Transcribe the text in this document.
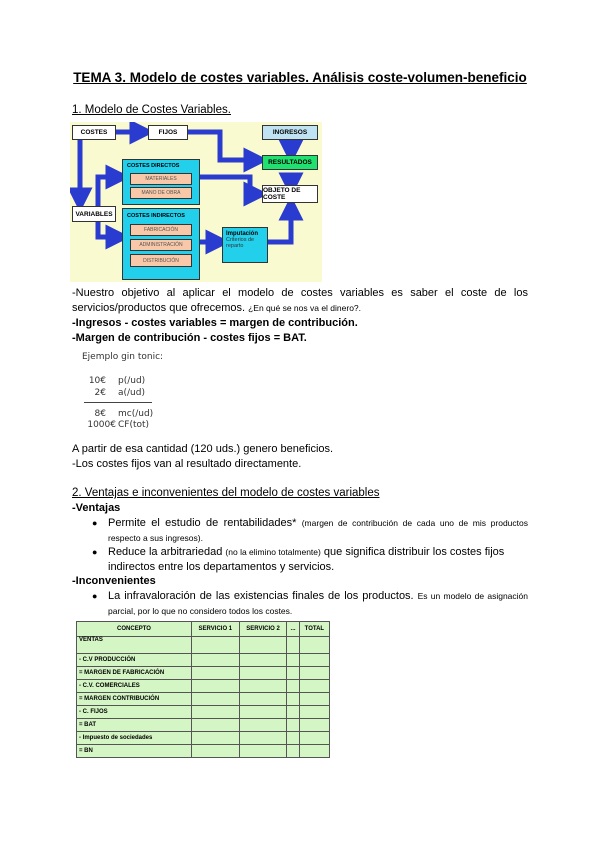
TEMA 3. Modelo de costes variables. Análisis coste-volumen-beneficio
1. Modelo de Costes Variables.
COSTES	FIJOS	INGRESOS
RESULTADOS
OBJETO DE COSTE
VARIABLES
COSTES DIRECTOS
MATERIALES
MANO DE OBRA
COSTES INDIRECTOS
FABRICACIÓN
ADMINISTRACIÓN
DISTRIBUCIÓN
Imputación
Criterios de reparto
-Nuestro objetivo al aplicar el modelo de costes variables es saber el coste de los servicios/productos que ofrecemos. ¿En qué se nos va el dinero?.
-Ingresos - costes variables = margen de contribución.
-Margen de contribución - costes fijos = BAT.
Ejemplo gin tonic:
10€ p(/ud)
2€ a(/ud)
8€ mc(/ud)
1000€ CF(tot)
A partir de esa cantidad (120 uds.) genero beneficios.
-Los costes fijos van al resultado directamente.
2. Ventajas e inconvenientes del modelo de costes variables
-Ventajas
● Permite el estudio de rentabilidades* (margen de contribución de cada uno de mis productos respecto a sus ingresos).
● Reduce la arbitrariedad (no la elimino totalmente) que significa distribuir los costes fijos indirectos entre los departamentos y servicios.
-Inconvenientes
● La infravaloración de las existencias finales de los productos. Es un modelo de asignación parcial, por lo que no considero todos los costes.
CONCEPTO	SERVICIO 1	SERVICIO 2	...	TOTAL
VENTAS				
- C.V PRODUCCIÓN				
= MARGEN DE FABRICACIÓN				
- C.V. COMERCIALES				
= MARGEN CONTRIBUCIÓN				
- C. FIJOS				
= BAT				
- Impuesto de sociedades				
= BN				
